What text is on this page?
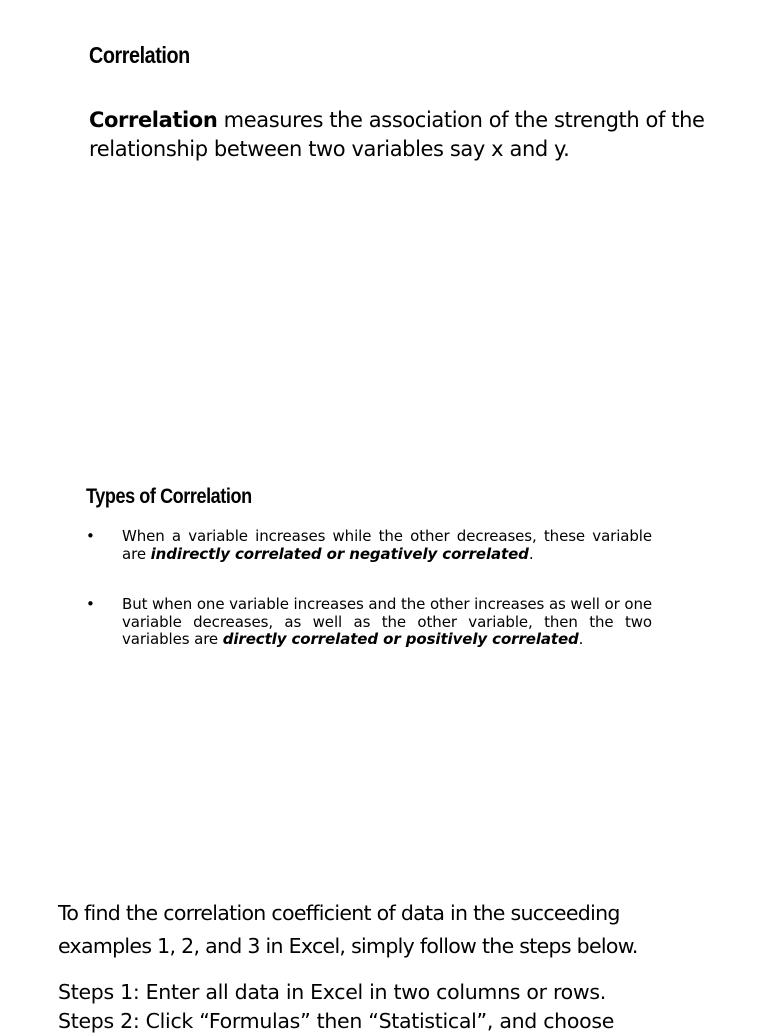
Correlation
Correlation measures the association of the strength of the relationship between two variables say x and y.
Types of Correlation
• When a variable increases while the other decreases, these variable are indirectly correlated or negatively correlated.
• But when one variable increases and the other increases as well or one variable decreases, as well as the other variable, then the two variables are directly correlated or positively correlated.
To find the correlation coefficient of data in the succeeding examples 1, 2, and 3 in Excel, simply follow the steps below.
Steps 1: Enter all data in Excel in two columns or rows.
Steps 2: Click “Formulas” then “Statistical”, and choose
